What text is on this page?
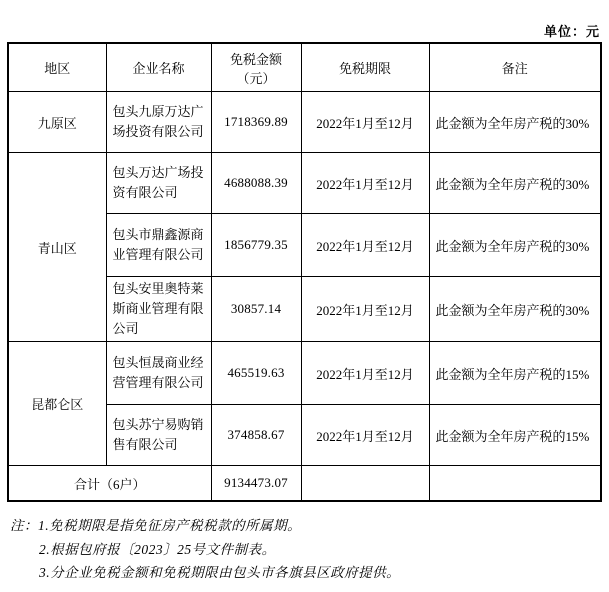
单位：元
地区	企业名称	免税金额（元）	免税期限	备注
九原区	包头九原万达广场投资有限公司	1718369.89	2022年1月至12月	此金额为全年房产税的30%
青山区	包头万达广场投资有限公司	4688088.39	2022年1月至12月	此金额为全年房产税的30%
	包头市鼎鑫源商业管理有限公司	1856779.35	2022年1月至12月	此金额为全年房产税的30%
	包头安里奥特莱斯商业管理有限公司	30857.14	2022年1月至12月	此金额为全年房产税的30%
昆都仑区	包头恒晟商业经营管理有限公司	465519.63	2022年1月至12月	此金额为全年房产税的15%
	包头苏宁易购销售有限公司	374858.67	2022年1月至12月	此金额为全年房产税的15%
合计（6户）		9134473.07		
注：1.免税期限是指免征房产税税款的所属期。
2.根据包府报〔2023〕25号文件制表。
3.分企业免税金额和免税期限由包头市各旗县区政府提供。
